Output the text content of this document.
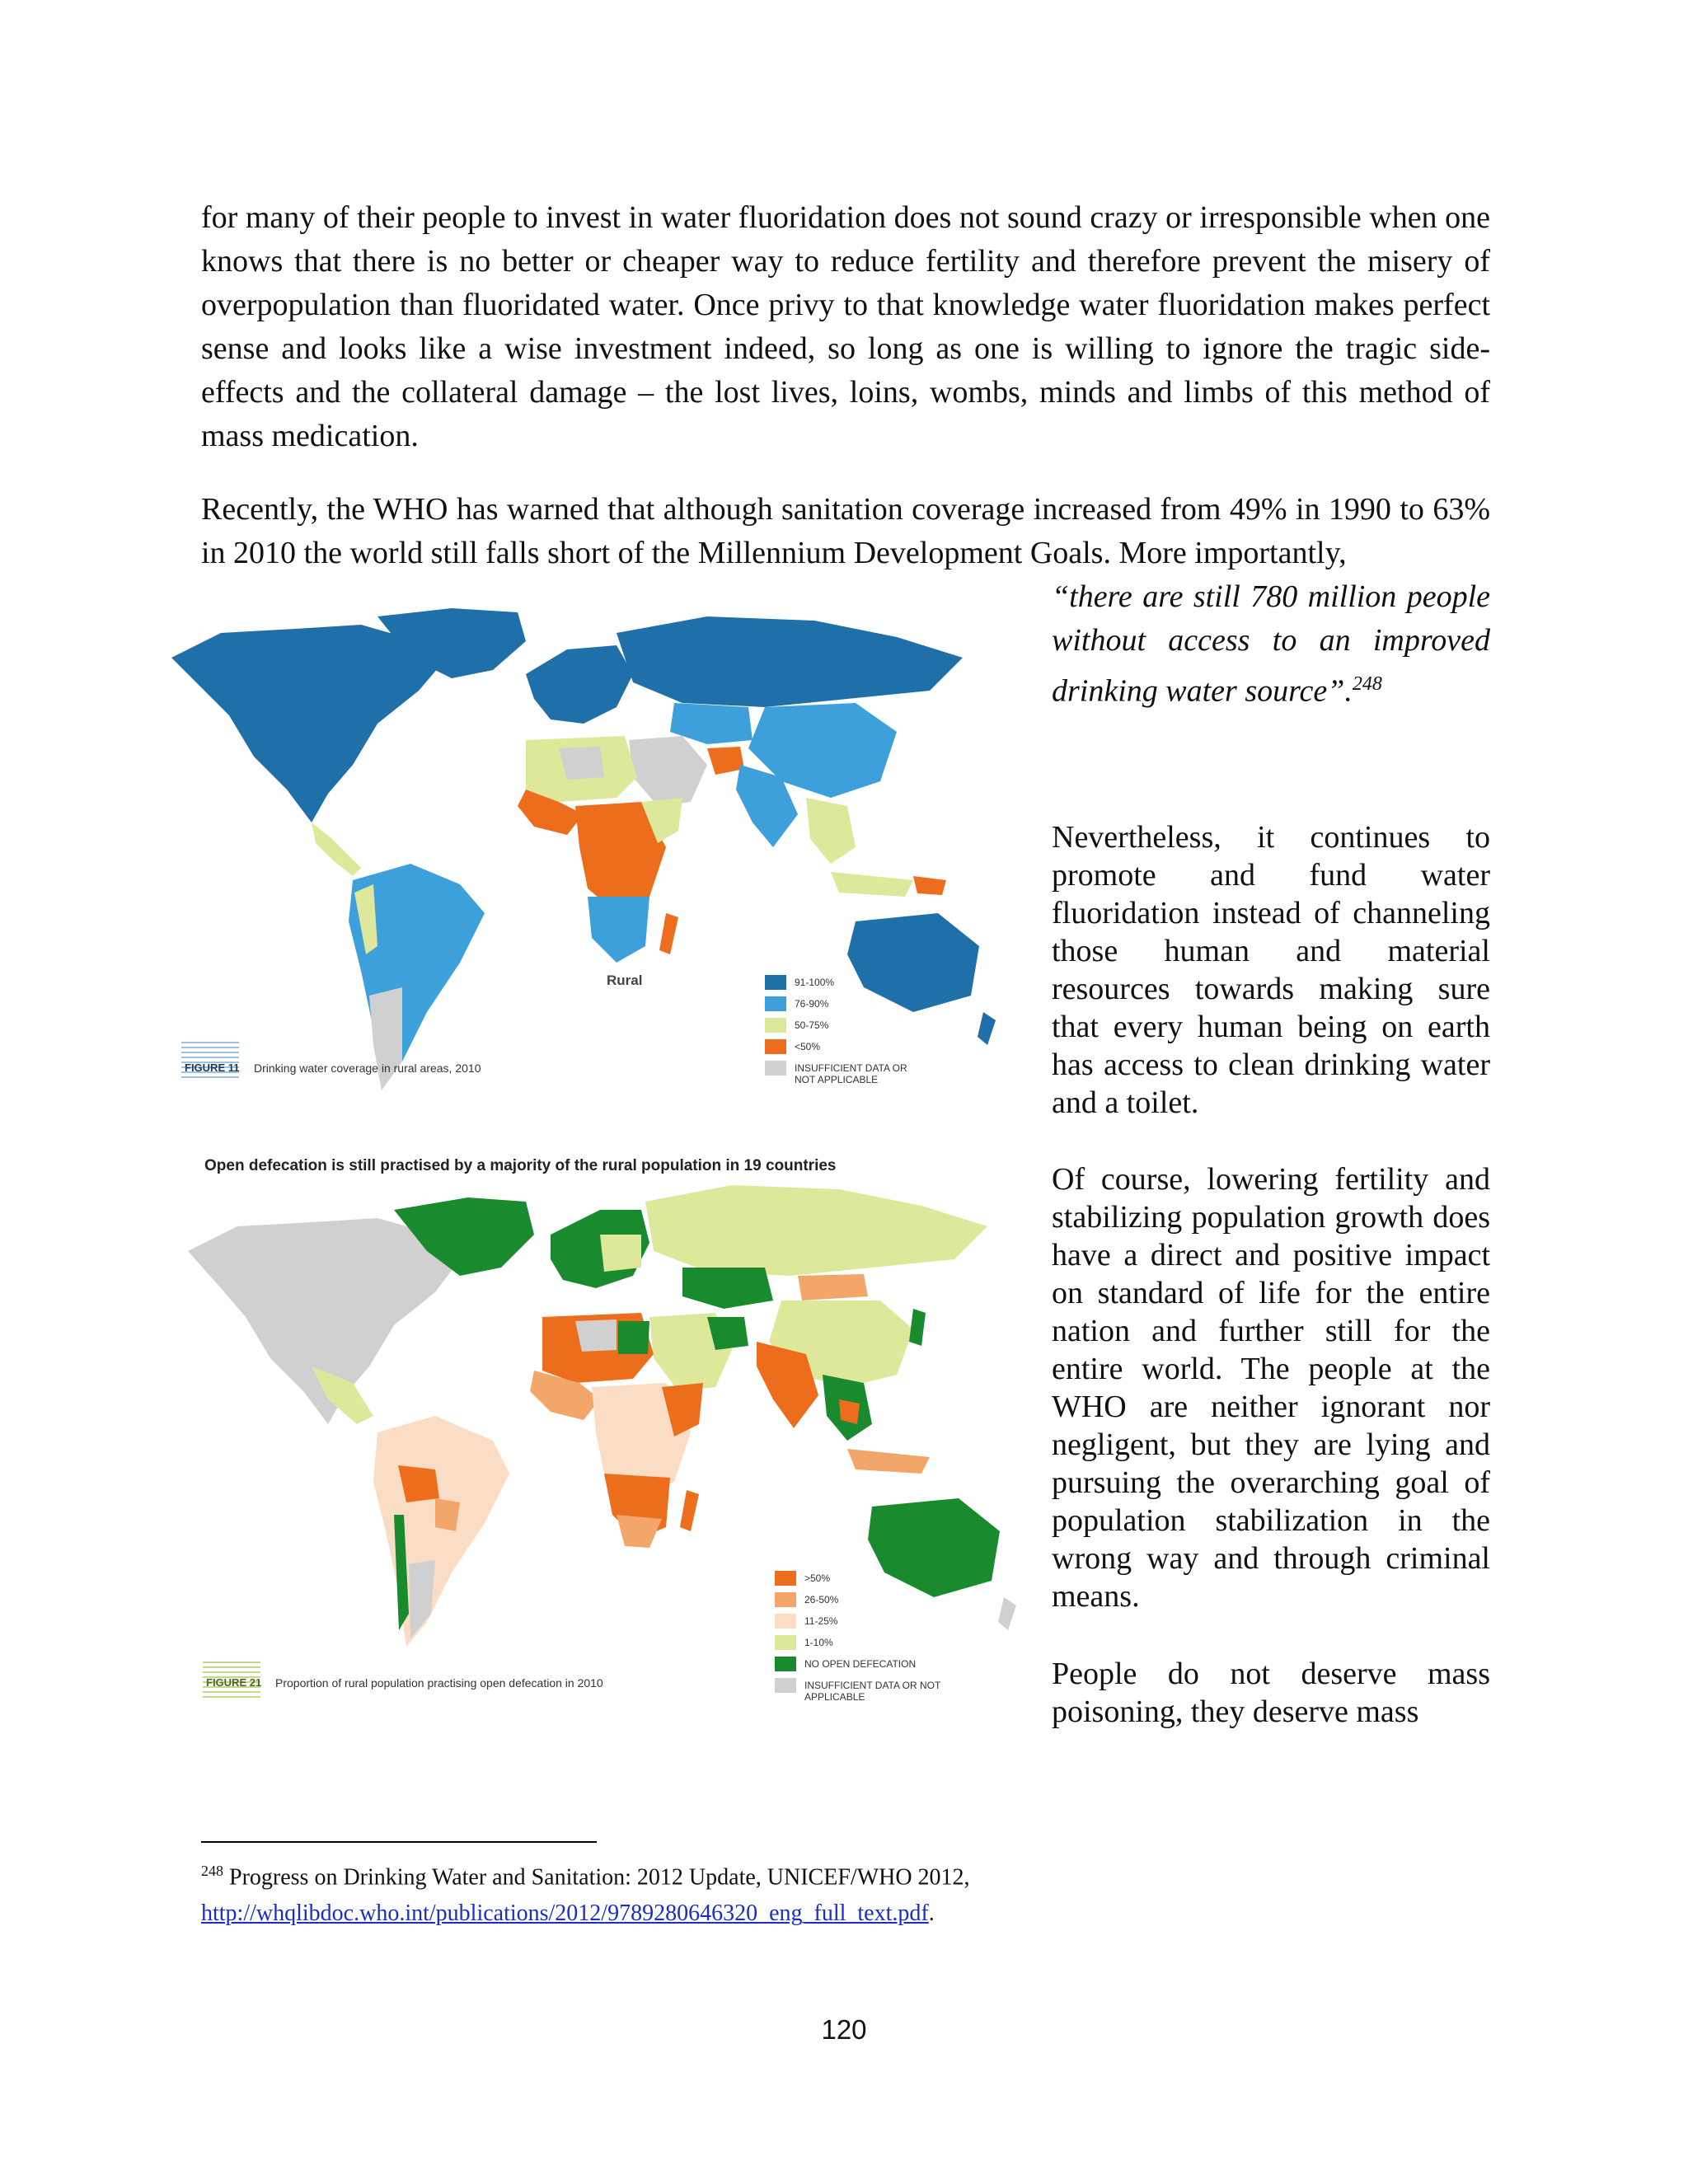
for many of their people to invest in water fluoridation does not sound crazy or irresponsible when one knows that there is no better or cheaper way to reduce fertility and therefore prevent the misery of overpopulation than fluoridated water. Once privy to that knowledge water fluoridation makes perfect sense and looks like a wise investment indeed, so long as one is willing to ignore the tragic side-effects and the collateral damage – the lost lives, loins, wombs, minds and limbs of this method of mass medication.

Recently, the WHO has warned that although sanitation coverage increased from 49% in 1990 to 63% in 2010 the world still falls short of the Millennium Development Goals. More importantly,

“there are still 780 million people without access to an improved drinking water source”.$^{248}$

Nevertheless, it continues to promote and fund water fluoridation instead of channeling those human and material resources towards making sure that every human being on earth has access to clean drinking water and a toilet.

Of course, lowering fertility and stabilizing population growth does have a direct and positive impact on standard of life for the entire nation and further still for the entire world. The people at the WHO are neither ignorant nor negligent, but they are lying and pursuing the overarching goal of population stabilization in the wrong way and through criminal means.

People do not deserve mass poisoning, they deserve mass

Rural	91-100%
76-90%
50-75%
<50%
INSUFFICIENT DATA OR NOT APPLICABLE
FIGURE 11 Drinking water coverage in rural areas, 2010
Open defecation is still practised by a majority of the rural population in 19 countries
>50%
26-50%
11-25%
1-10%
NO OPEN DEFECATION
INSUFFICIENT DATA OR NOT APPLICABLE
FIGURE 21 Proportion of rural population practising open defecation in 2010
$^{248}$ Progress on Drinking Water and Sanitation: 2012 Update, UNICEF/WHO 2012,
http://whqlibdoc.who.int/publications/2012/9789280646320_eng_full_text.pdf.
120
